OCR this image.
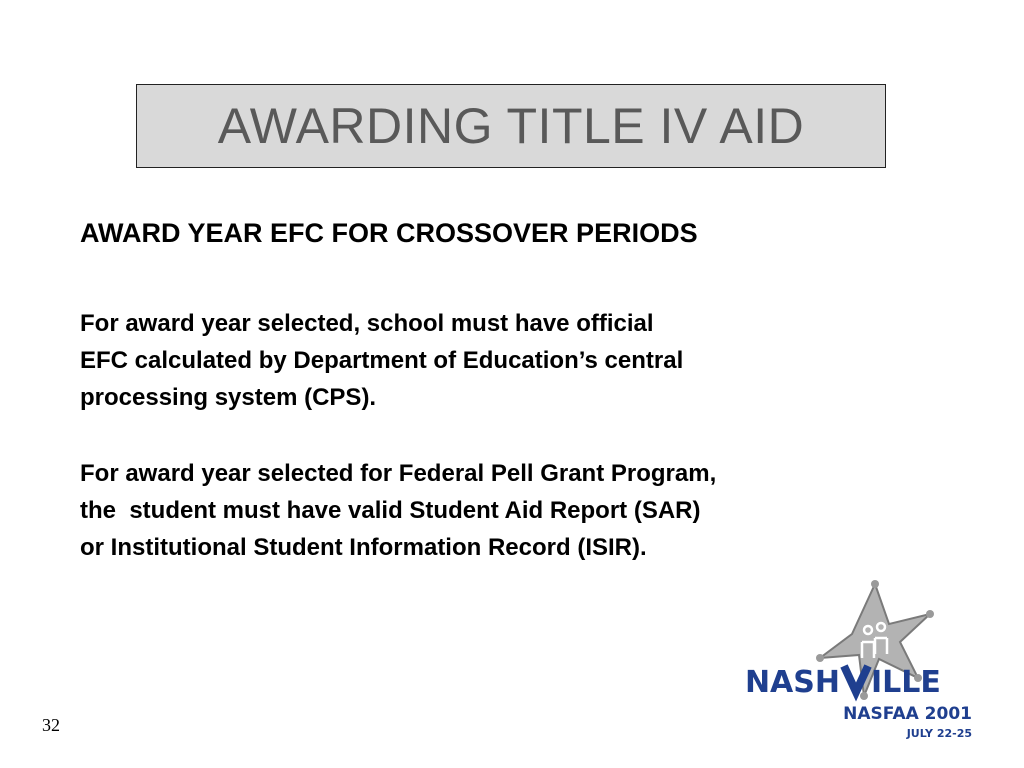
AWARDING TITLE IV AID
AWARD YEAR EFC FOR CROSSOVER PERIODS
For award year selected, school must have official
EFC calculated by Department of Education’s central
processing system (CPS).
For award year selected for Federal Pell Grant Program,
the  student must have valid Student Aid Report (SAR)
or Institutional Student Information Record (ISIR).
32
NASH ILLE
NASFAA 2001
JULY 22-25
